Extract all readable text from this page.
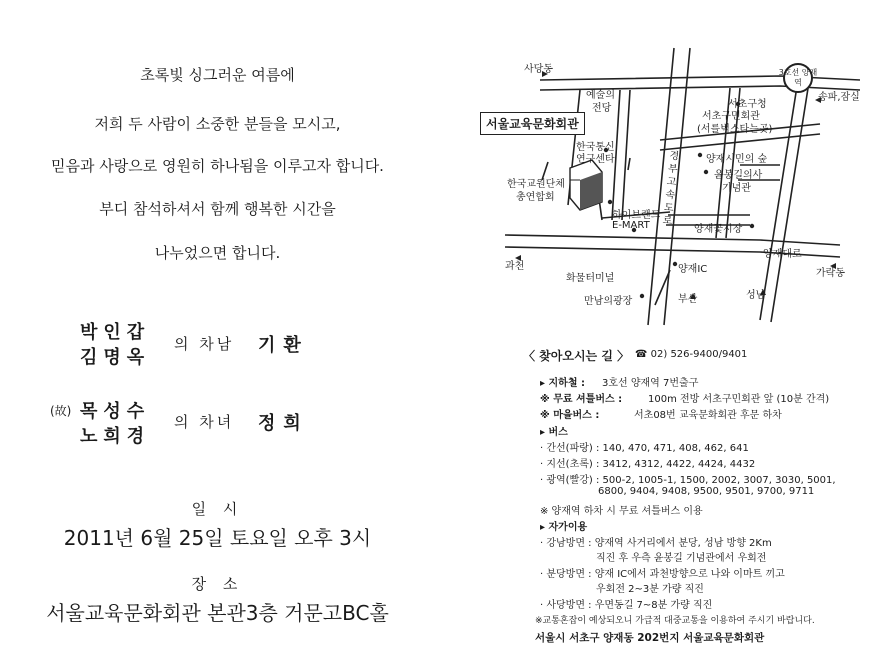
초록빛 싱그러운 여름에
저희 두 사람이 소중한 분들을 모시고,
믿음과 사랑으로 영원히 하나됨을 이루고자 합니다.
부디 참석하셔서 함께 행복한 시간을
나누었으면 합니다.
박인갑
김명옥
의 차남 기환
(故) 목성수
노희경
의 차녀 정희
일 시
2011년 6월 25일 토요일 오후 3시
장 소
서울교육문화회관 본관3층 거문고BC홀
사당동
예술의
전당
3호선 양재역
송파,잠실
서초구청
서초구민회관
(서를벅스타는곳)
서울교육문화회관
한국통신
연구센타
한국교원단체
총연합회
양재시민의 숲
윤봉길의사
기념관
하이브랜드
E-MART	양재꽃시장
양재대로
가락동
과천
화물터미널
양재IC
부산	성남
만남의광장
경부고속도로
〈 찾아오시는 길 〉 ☎ 02) 526-9400/9401
▸ 지하철 : 3호선 양재역 7번출구
※ 무료 셔틀버스 :	100m 전방 서초구민회관 앞 (10분 간격)
※ 마을버스 :	서초08번 교육문화회관 후문 하차
▸ 버스
· 간선(파랑) : 140, 470, 471, 408, 462, 641
· 지선(초록) : 3412, 4312, 4422, 4424, 4432
· 광역(빨강) : 500-2, 1005-1, 1500, 2002, 3007, 3030, 5001,
6800, 9404, 9408, 9500, 9501, 9700, 9711
※ 양재역 하차 시 무료 셔틀버스 이용
▸ 자가이용
· 강남방면 : 양재역 사거리에서 분당, 성남 방향 2Km
직진 후 우측 윤봉길 기념관에서 우회전
· 분당방면 : 양재 IC에서 과천방향으로 나와 이마트 끼고
우회전 2~3분 가량 직진
· 사당방면 : 우면동길 7~8분 가량 직진
※교통혼잡이 예상되오니 가급적 대중교통을 이용하여 주시기 바랍니다.
서울시 서초구 양재동 202번지 서울교육문화회관
